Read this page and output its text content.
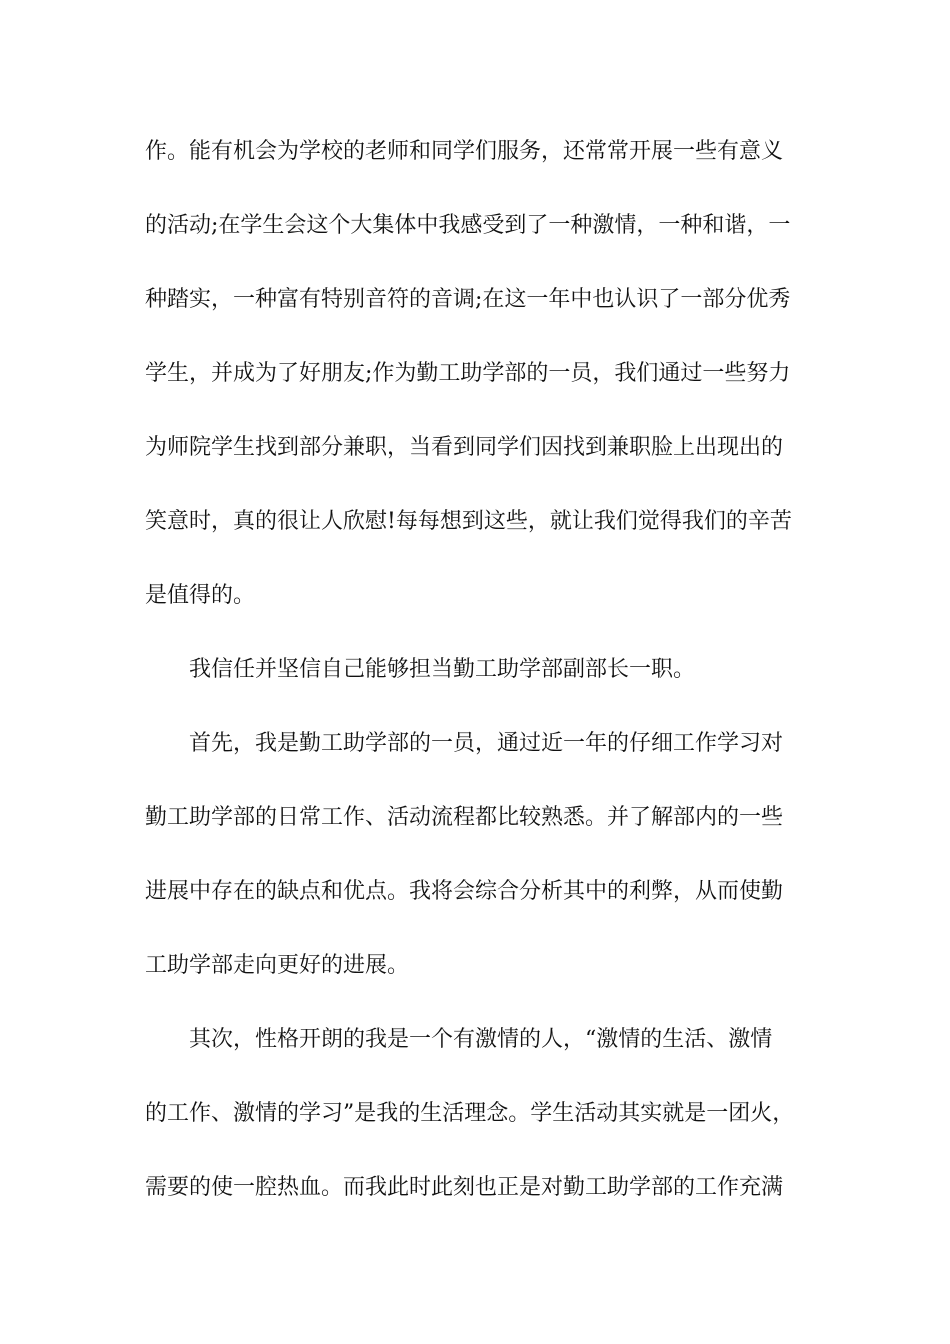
作。能有机会为学校的老师和同学们服务，还常常开展一些有意义
的活动;在学生会这个大集体中我感受到了一种激情，一种和谐，一
种踏实，一种富有特别音符的音调;在这一年中也认识了一部分优秀
学生，并成为了好朋友;作为勤工助学部的一员，我们通过一些努力
为师院学生找到部分兼职，当看到同学们因找到兼职脸上出现出的
笑意时，真的很让人欣慰!每每想到这些，就让我们觉得我们的辛苦
是值得的。
我信任并坚信自己能够担当勤工助学部副部长一职。
首先，我是勤工助学部的一员，通过近一年的仔细工作学习对
勤工助学部的日常工作、活动流程都比较熟悉。并了解部内的一些
进展中存在的缺点和优点。我将会综合分析其中的利弊，从而使勤
工助学部走向更好的进展。
其次，性格开朗的我是一个有激情的人，“激情的生活、激情
的工作、激情的学习”是我的生活理念。学生活动其实就是一团火，
需要的使一腔热血。而我此时此刻也正是对勤工助学部的工作充满
